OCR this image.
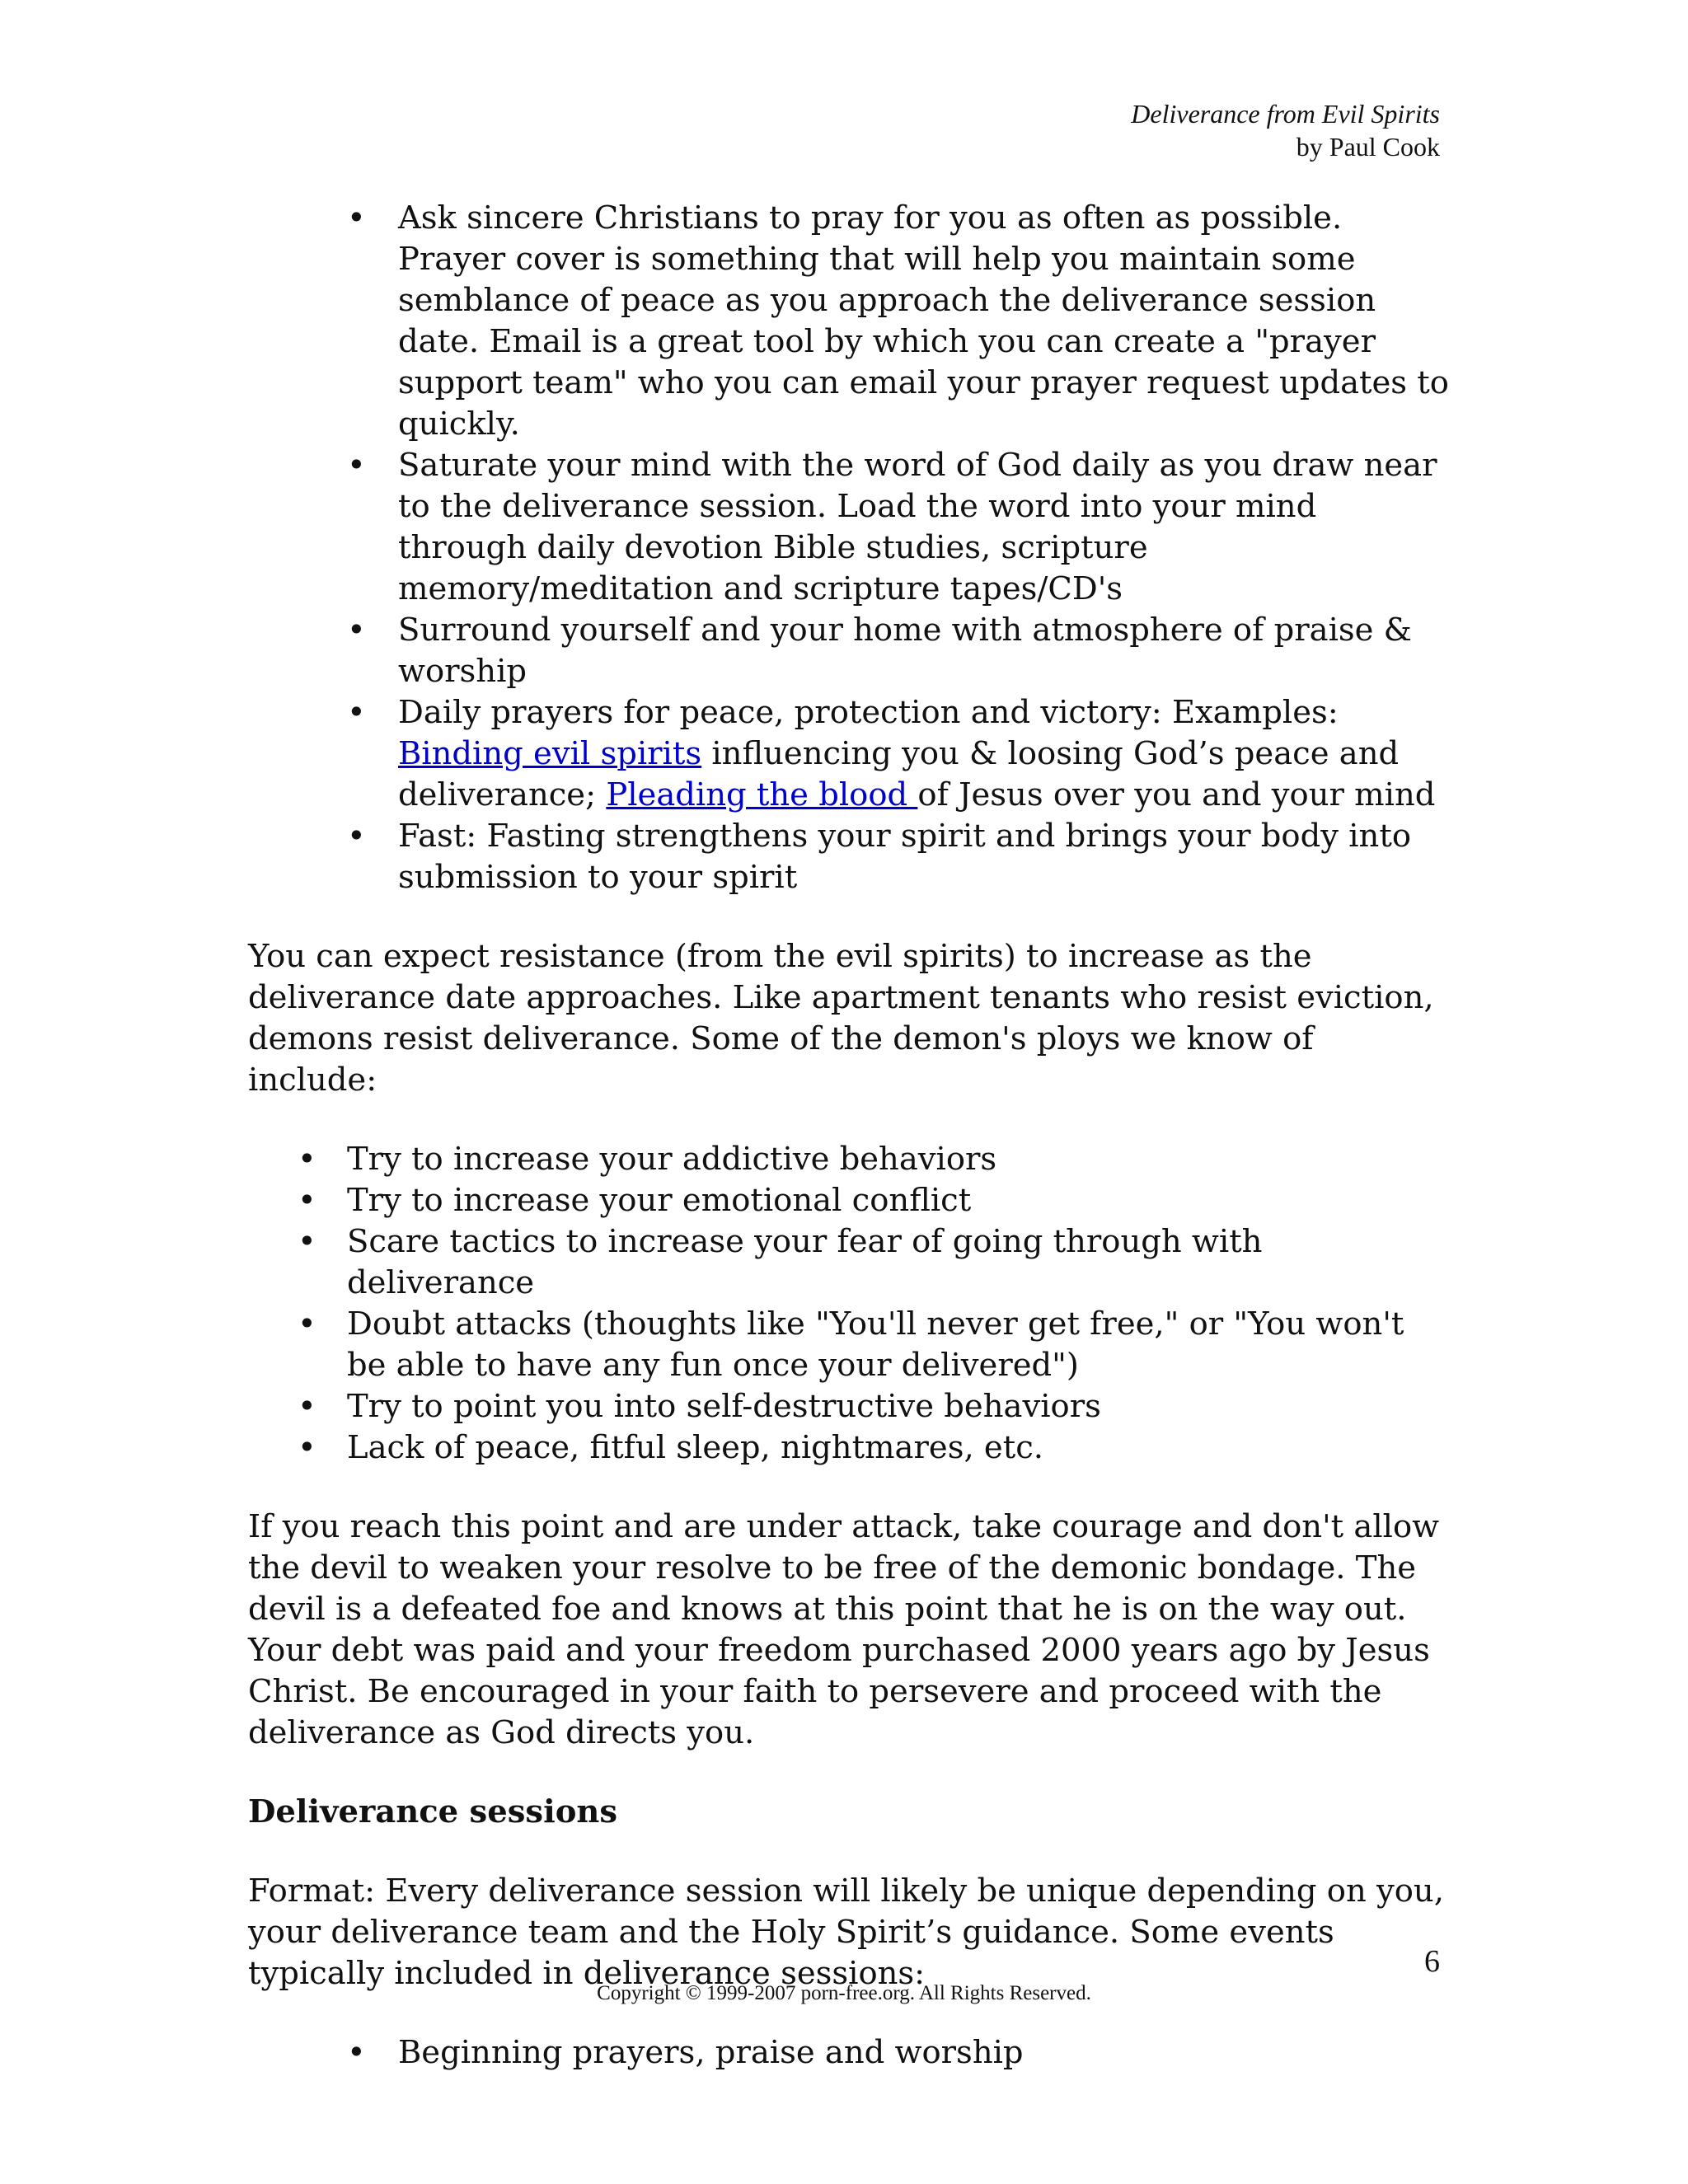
Deliverance from Evil Spirits
by Paul Cook
• Ask sincere Christians to pray for you as often as possible. Prayer cover is something that will help you maintain some semblance of peace as you approach the deliverance session date. Email is a great tool by which you can create a "prayer support team" who you can email your prayer request updates to quickly.
• Saturate your mind with the word of God daily as you draw near to the deliverance session. Load the word into your mind through daily devotion Bible studies, scripture memory/meditation and scripture tapes/CD's
• Surround yourself and your home with atmosphere of praise & worship
• Daily prayers for peace, protection and victory: Examples: Binding evil spirits influencing you & loosing God’s peace and deliverance; Pleading the blood of Jesus over you and your mind
• Fast: Fasting strengthens your spirit and brings your body into submission to your spirit

You can expect resistance (from the evil spirits) to increase as the deliverance date approaches. Like apartment tenants who resist eviction, demons resist deliverance. Some of the demon's ploys we know of include:

• Try to increase your addictive behaviors
• Try to increase your emotional conflict
• Scare tactics to increase your fear of going through with deliverance
• Doubt attacks (thoughts like "You'll never get free," or "You won't be able to have any fun once your delivered")
• Try to point you into self-destructive behaviors
• Lack of peace, fitful sleep, nightmares, etc.

If you reach this point and are under attack, take courage and don't allow the devil to weaken your resolve to be free of the demonic bondage. The devil is a defeated foe and knows at this point that he is on the way out. Your debt was paid and your freedom purchased 2000 years ago by Jesus Christ. Be encouraged in your faith to persevere and proceed with the deliverance as God directs you.

Deliverance sessions

Format: Every deliverance session will likely be unique depending on you, your deliverance team and the Holy Spirit’s guidance. Some events typically included in deliverance sessions:

• Beginning prayers, praise and worship
6
Copyright © 1999-2007 porn-free.org. All Rights Reserved.
